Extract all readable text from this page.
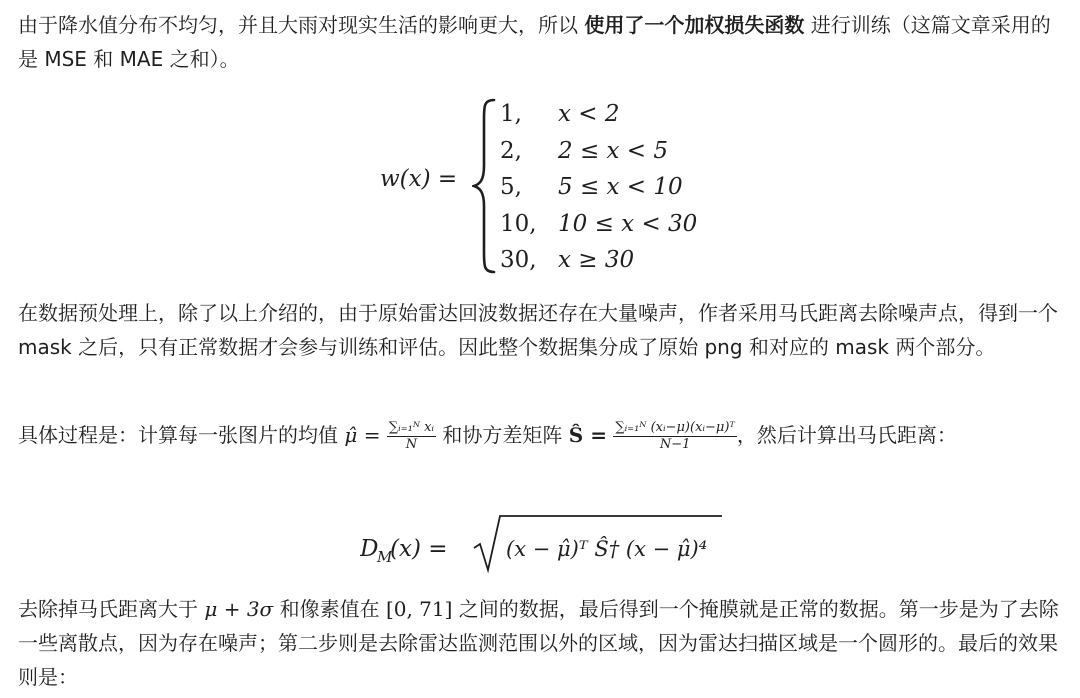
由于降水值分布不均匀，并且大雨对现实生活的影响更大，所以 使用了一个加权损失函数 进行训练（这篇文章采用的是 MSE 和 MAE 之和）。

w(x) =
1, x < 2
2, 2 ≤ x < 5
5, 5 ≤ x < 10
10, 10 ≤ x < 30
30, x ≥ 30

在数据预处理上，除了以上介绍的，由于原始雷达回波数据还存在大量噪声，作者采用马氏距离去除噪声点，得到一个 mask 之后，只有正常数据才会参与训练和评估。因此整个数据集分成了原始 png 和对应的 mask 两个部分。

具体过程是：计算每一张图片的均值 μ̂ = $\frac{\text{∑ᵢ₌₁ᴺ xᵢ}}{N}$ 和协方差矩阵 Ŝ = $\frac{\text{∑ᵢ₌₁ᴺ (xᵢ−μ)(xᵢ−μ)ᵀ}}{N-1}$ ，然后计算出马氏距离：

D
M
(x) =	(x − μ̂)ᵀ Ŝ† (x − μ̂)⁴

去除掉马氏距离大于 μ + 3σ 和像素值在 [0, 71] 之间的数据，最后得到一个掩膜就是正常的数据。第一步是为了去除一些离散点，因为存在噪声；第二步则是去除雷达监测范围以外的区域，因为雷达扫描区域是一个圆形的。最后的效果则是：
